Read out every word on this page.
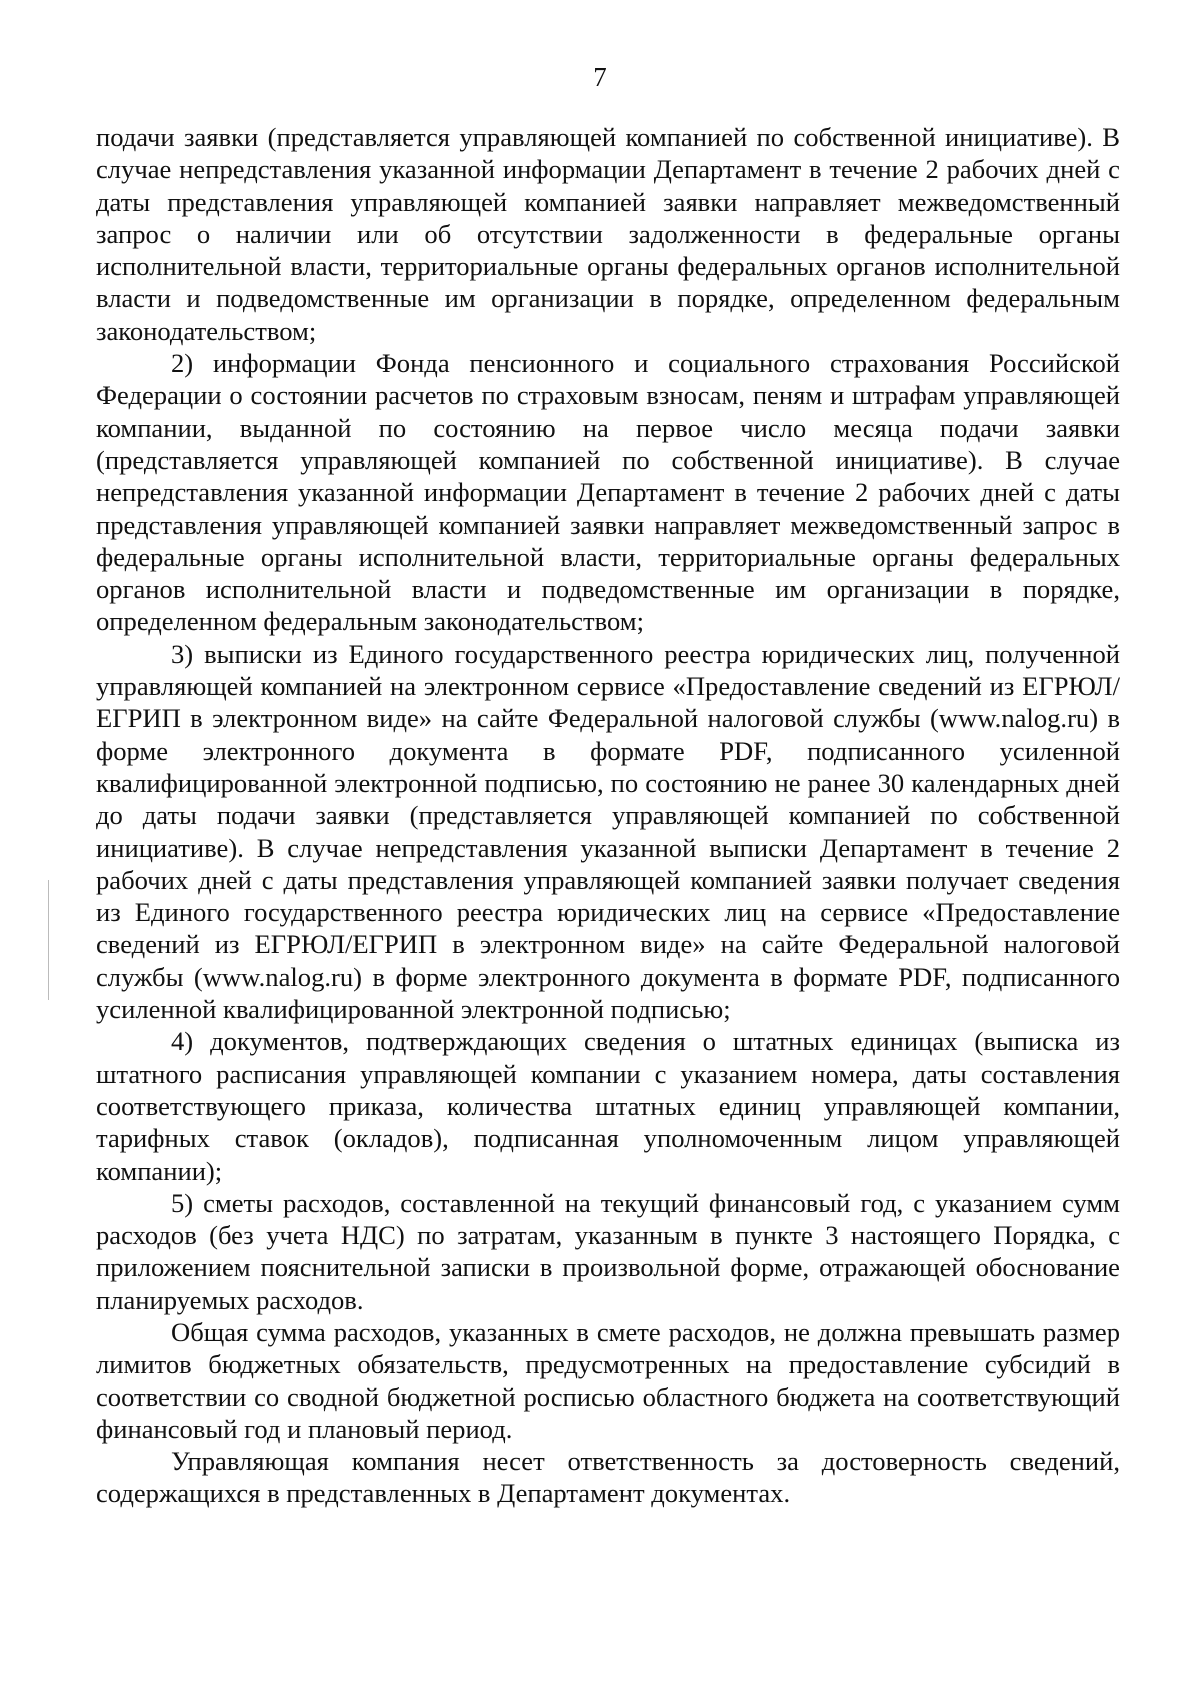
7

подачи заявки (представляется управляющей компанией по собственной инициативе). В случае непредставления указанной информации Департамент в течение 2 рабочих дней с даты представления управляющей компанией заявки направляет межведомственный запрос о наличии или об отсутствии задолженности в федеральные органы исполнительной власти, территориальные органы федеральных органов исполнительной власти и подведомственные им организации в порядке, определенном федеральным законодательством;

2) информации Фонда пенсионного и социального страхования Российской Федерации о состоянии расчетов по страховым взносам, пеням и штрафам управляющей компании, выданной по состоянию на первое число месяца подачи заявки (представляется управляющей компанией по собственной инициативе). В случае непредставления указанной информации Департамент в течение 2 рабочих дней с даты представления управляющей компанией заявки направляет межведомственный запрос в федеральные органы исполнительной власти, территориальные органы федеральных органов исполнительной власти и подведомственные им организации в порядке, определенном федеральным законодательством;

3) выписки из Единого государственного реестра юридических лиц, полученной управляющей компанией на электронном сервисе «Предоставление сведений из ЕГРЮЛ/ЕГРИП в электронном виде» на сайте Федеральной налоговой службы (www.nalog.ru) в форме электронного документа в формате PDF, подписанного усиленной квалифицированной электронной подписью, по состоянию не ранее 30 календарных дней до даты подачи заявки (представляется управляющей компанией по собственной инициативе). В случае непредставления указанной выписки Департамент в течение 2 рабочих дней с даты представления управляющей компанией заявки получает сведения из Единого государственного реестра юридических лиц на сервисе «Предоставление сведений из ЕГРЮЛ/ЕГРИП в электронном виде» на сайте Федеральной налоговой службы (www.nalog.ru) в форме электронного документа в формате PDF, подписанного усиленной квалифицированной электронной подписью;

4) документов, подтверждающих сведения о штатных единицах (выписка из штатного расписания управляющей компании с указанием номера, даты составления соответствующего приказа, количества штатных единиц управляющей компании, тарифных ставок (окладов), подписанная уполномоченным лицом управляющей компании);

5) сметы расходов, составленной на текущий финансовый год, с указанием сумм расходов (без учета НДС) по затратам, указанным в пункте 3 настоящего Порядка, с приложением пояснительной записки в произвольной форме, отражающей обоснование планируемых расходов.

Общая сумма расходов, указанных в смете расходов, не должна превышать размер лимитов бюджетных обязательств, предусмотренных на предоставление субсидий в соответствии со сводной бюджетной росписью областного бюджета на соответствующий финансовый год и плановый период.

Управляющая компания несет ответственность за достоверность сведений, содержащихся в представленных в Департамент документах.
